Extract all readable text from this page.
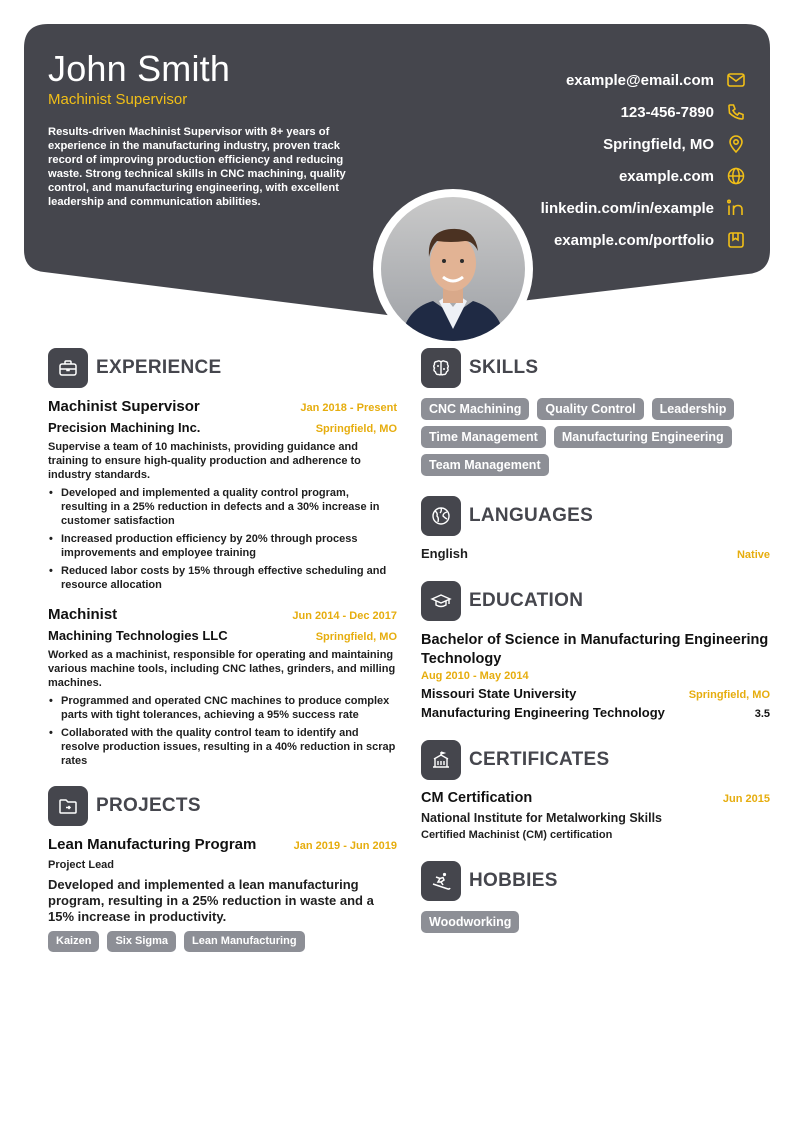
John Smith
Machinist Supervisor
Results-driven Machinist Supervisor with 8+ years of experience in the manufacturing industry, proven track record of improving production efficiency and reducing waste. Strong technical skills in CNC machining, quality control, and manufacturing engineering, with excellent leadership and communication abilities.
example@email.com
123-456-7890
Springfield, MO
example.com
linkedin.com/in/example
example.com/portfolio
EXPERIENCE
Machinist Supervisor	Jan 2018 - Present
Precision Machining Inc.	Springfield, MO
Supervise a team of 10 machinists, providing guidance and training to ensure high-quality production and adherence to industry standards.
• Developed and implemented a quality control program, resulting in a 25% reduction in defects and a 30% increase in customer satisfaction
• Increased production efficiency by 20% through process improvements and employee training
• Reduced labor costs by 15% through effective scheduling and resource allocation
Machinist	Jun 2014 - Dec 2017
Machining Technologies LLC	Springfield, MO
Worked as a machinist, responsible for operating and maintaining various machine tools, including CNC lathes, grinders, and milling machines.
• Programmed and operated CNC machines to produce complex parts with tight tolerances, achieving a 95% success rate
• Collaborated with the quality control team to identify and resolve production issues, resulting in a 40% reduction in scrap rates
PROJECTS
Lean Manufacturing Program	Jan 2019 - Jun 2019
Project Lead
Developed and implemented a lean manufacturing program, resulting in a 25% reduction in waste and a 15% increase in productivity.
Kaizen	Six Sigma	Lean Manufacturing
SKILLS
CNC Machining	Quality Control	Leadership
Time Management	Manufacturing Engineering
Team Management
LANGUAGES
English	Native
EDUCATION
Bachelor of Science in Manufacturing Engineering Technology
Aug 2010 - May 2014
Missouri State University	Springfield, MO
Manufacturing Engineering Technology	3.5
CERTIFICATES
CM Certification	Jun 2015
National Institute for Metalworking Skills
Certified Machinist (CM) certification
HOBBIES
Woodworking
